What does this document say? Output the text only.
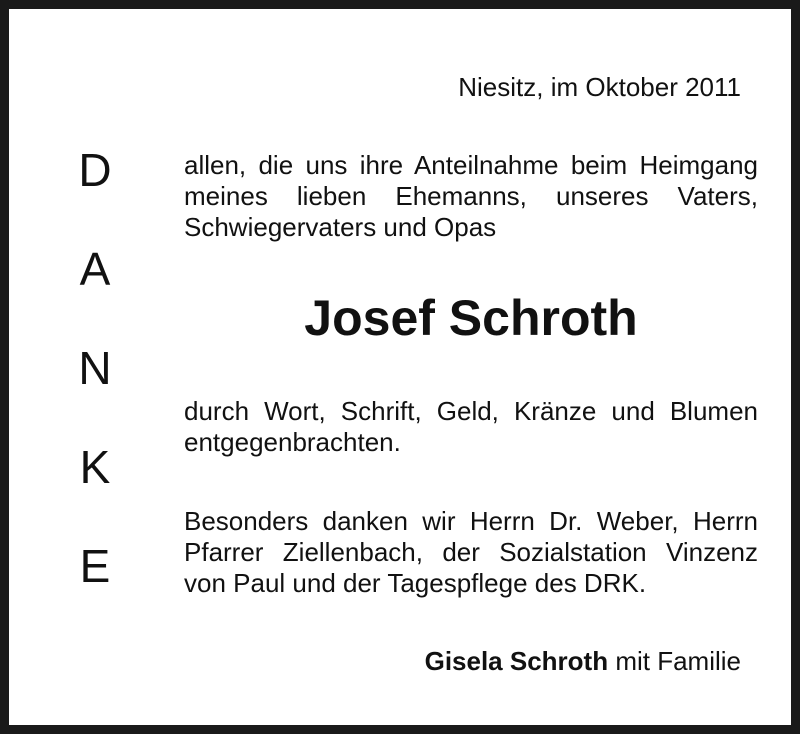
Niesitz, im Oktober 2011
D
A
N
K
E
allen, die uns ihre Anteilnahme beim Heimgang
meines lieben Ehemanns, unseres Vaters,
Schwiegervaters und Opas
Josef Schroth
durch Wort, Schrift, Geld, Kränze und Blumen
entgegenbrachten.
Besonders danken wir Herrn Dr. Weber, Herrn
Pfarrer Ziellenbach, der Sozialstation Vinzenz
von Paul und der Tagespflege des DRK.
Gisela Schroth mit Familie
